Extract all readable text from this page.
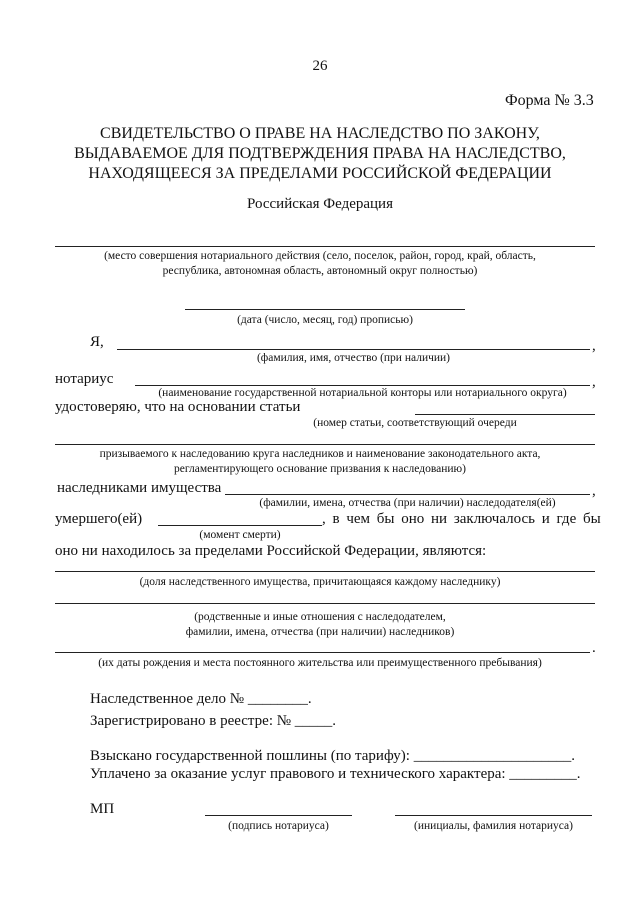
26
Форма № 3.3
СВИДЕТЕЛЬСТВО О ПРАВЕ НА НАСЛЕДСТВО ПО ЗАКОНУ,
ВЫДАВАЕМОЕ ДЛЯ ПОДТВЕРЖДЕНИЯ ПРАВА НА НАСЛЕДСТВО,
НАХОДЯЩЕЕСЯ ЗА ПРЕДЕЛАМИ РОССИЙСКОЙ ФЕДЕРАЦИИ
Российская Федерация
(место совершения нотариального действия (село, поселок, район, город, край, область,
республика, автономная область, автономный округ полностью)
(дата (число, месяц, год) прописью)
Я,	,
(фамилия, имя, отчество (при наличии)
нотариус	,
(наименование государственной нотариальной конторы или нотариального округа)
удостоверяю, что на основании статьи
(номер статьи, соответствующий очереди
призываемого к наследованию круга наследников и наименование законодательного акта,
регламентирующего основание призвания к наследованию)
наследниками имущества	,
(фамилии, имена, отчества (при наличии) наследодателя(ей)
умершего(ей)	, в чем бы оно ни заключалось и где бы
(момент смерти)
оно ни находилось за пределами Российской Федерации, являются:
(доля наследственного имущества, причитающаяся каждому наследнику)
(родственные и иные отношения с наследодателем,
фамилии, имена, отчества (при наличии) наследников)
.
(их даты рождения и места постоянного жительства или преимущественного пребывания)
Наследственное дело № ________.
Зарегистрировано в реестре: № _____.
Взыскано государственной пошлины (по тарифу): _____________________.
Уплачено за оказание услуг правового и технического характера: _________.
МП
(подпись нотариуса)	(инициалы, фамилия нотариуса)
